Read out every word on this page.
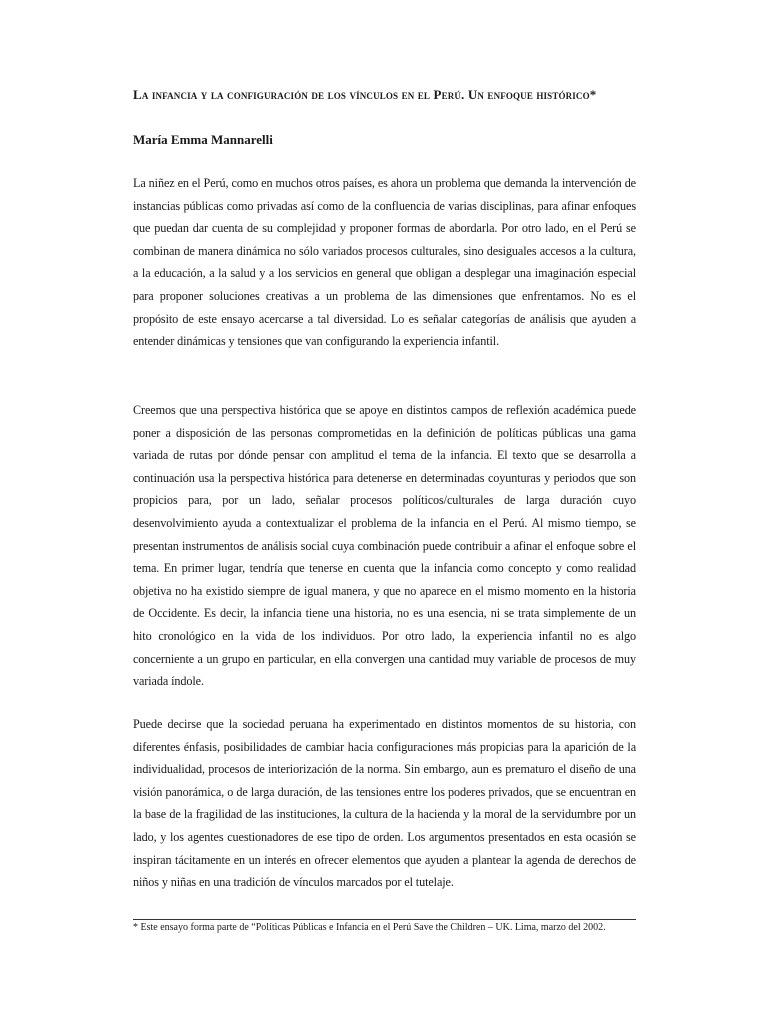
La infancia y la configuración de los vínculos en el Perú. Un enfoque histórico*

María Emma Mannarelli

La niñez en el Perú, como en muchos otros países, es ahora un problema que demanda la intervención de instancias públicas como privadas así como de la confluencia de varias disciplinas, para afinar enfoques que puedan dar cuenta de su complejidad y proponer formas de abordarla. Por otro lado, en el Perú se combinan de manera dinámica no sólo variados procesos culturales, sino desiguales accesos a la cultura, a la educación, a la salud y a los servicios en general que obligan a desplegar una imaginación especial para proponer soluciones creativas a un problema de las dimensiones que enfrentamos. No es el propósito de este ensayo acercarse a tal diversidad. Lo es señalar categorías de análisis que ayuden a entender dinámicas y tensiones que van configurando la experiencia infantil.

Creemos que una perspectiva histórica que se apoye en distintos campos de reflexión académica puede poner a disposición de las personas comprometidas en la definición de políticas públicas una gama variada de rutas por dónde pensar con amplitud el tema de la infancia. El texto que se desarrolla a continuación usa la perspectiva histórica para detenerse en determinadas coyunturas y periodos que son propicios para, por un lado, señalar procesos políticos/culturales de larga duración cuyo desenvolvimiento ayuda a contextualizar el problema de la infancia en el Perú. Al mismo tiempo, se presentan instrumentos de análisis social cuya combinación puede contribuir a afinar el enfoque sobre el tema. En primer lugar, tendría que tenerse en cuenta que la infancia como concepto y como realidad objetiva no ha existido siempre de igual manera, y que no aparece en el mismo momento en la historia de Occidente. Es decir, la infancia tiene una historia, no es una esencia, ni se trata simplemente de un hito cronológico en la vida de los individuos. Por otro lado, la experiencia infantil no es algo concerniente a un grupo en particular, en ella convergen una cantidad muy variable de procesos de muy variada índole.

Puede decirse que la sociedad peruana ha experimentado en distintos momentos de su historia, con diferentes énfasis, posibilidades de cambiar hacia configuraciones más propicias para la aparición de la individualidad, procesos de interiorización de la norma. Sin embargo, aun es prematuro el diseño de una visión panorámica, o de larga duración, de las tensiones entre los poderes privados, que se encuentran en la base de la fragilidad de las instituciones, la cultura de la hacienda y la moral de la servidumbre por un lado, y los agentes cuestionadores de ese tipo de orden. Los argumentos presentados en esta ocasión se inspiran tácitamente en un interés en ofrecer elementos que ayuden a plantear la agenda de derechos de niños y niñas en una tradición de vínculos marcados por el tutelaje.

* Este ensayo forma parte de “Políticas Públicas e Infancia en el Perú Save the Children – UK. Lima, marzo del 2002.
